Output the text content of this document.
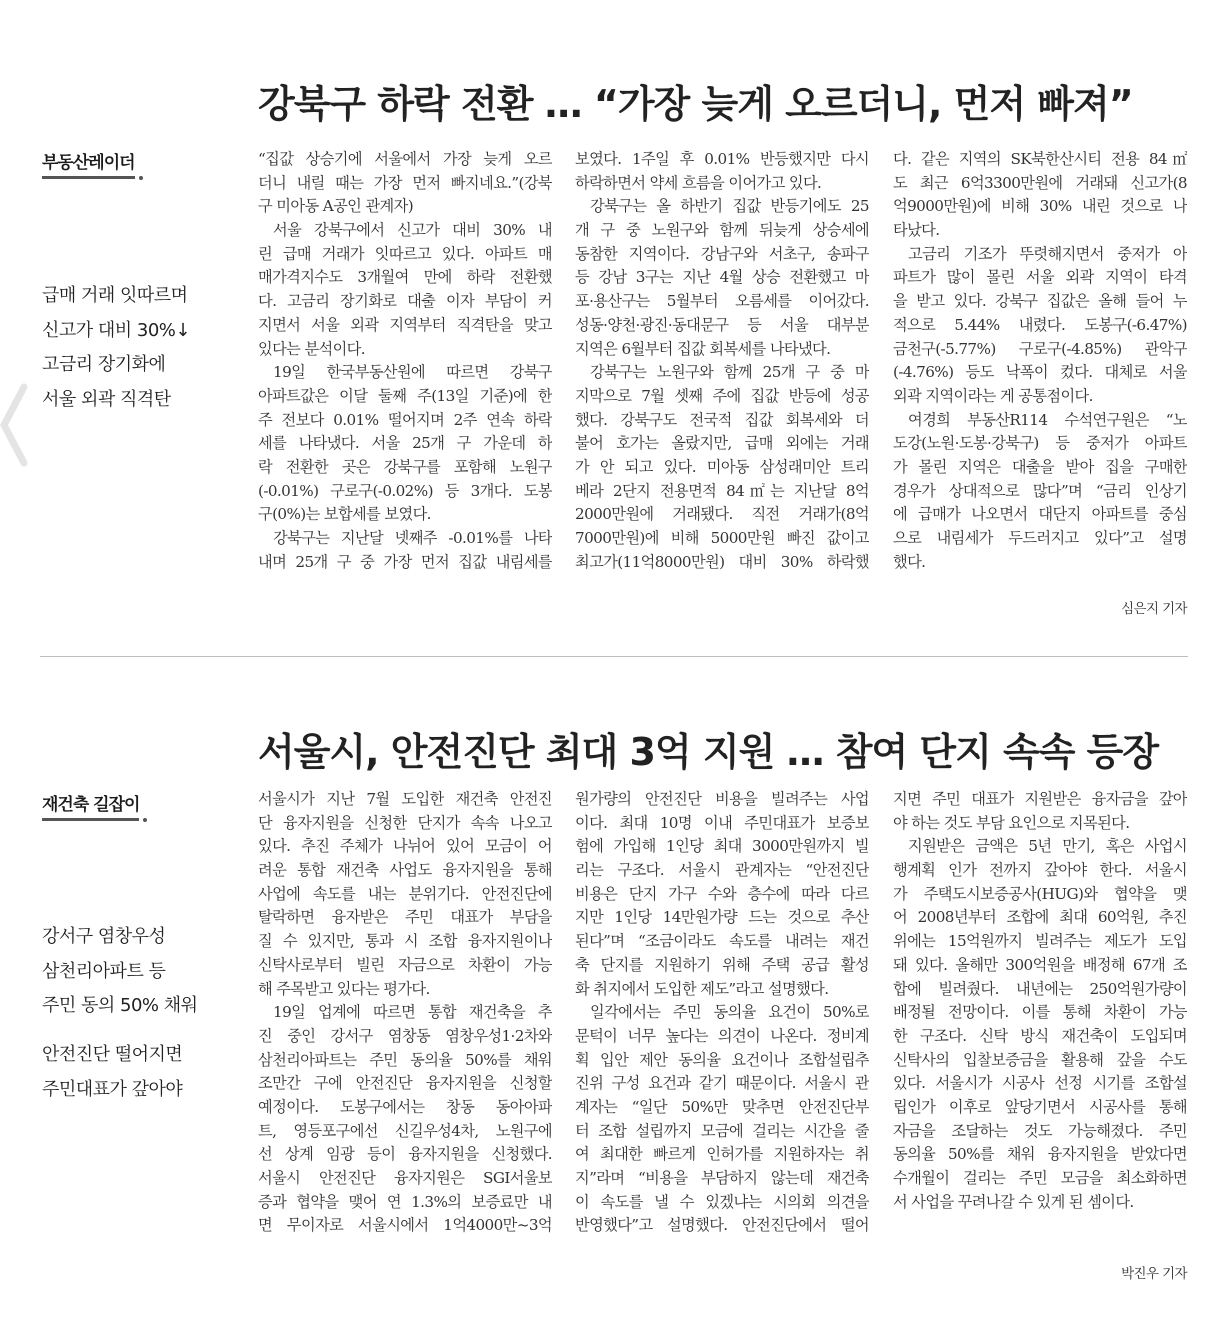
강북구 하락 전환 … “가장 늦게 오르더니, 먼저 빠져”
부동산레이더
급매 거래 잇따르며
신고가 대비 30%↓
고금리 장기화에
서울 외곽 직격탄
“집값 상승기에 서울에서 가장 늦게 오르
더니 내릴 때는 가장 먼저 빠지네요.”(강북
구 미아동 A공인 관계자)
서울 강북구에서 신고가 대비 30% 내
린 급매 거래가 잇따르고 있다. 아파트 매
매가격지수도 3개월여 만에 하락 전환했
다. 고금리 장기화로 대출 이자 부담이 커
지면서 서울 외곽 지역부터 직격탄을 맞고
있다는 분석이다.
19일 한국부동산원에 따르면 강북구
아파트값은 이달 둘째 주(13일 기준)에 한
주 전보다 0.01% 떨어지며 2주 연속 하락
세를 나타냈다. 서울 25개 구 가운데 하
락 전환한 곳은 강북구를 포함해 노원구
(-0.01%) 구로구(-0.02%) 등 3개다. 도봉
구(0%)는 보합세를 보였다.
강북구는 지난달 넷째주 -0.01%를 나타
내며 25개 구 중 가장 먼저 집값 내림세를
보였다. 1주일 후 0.01% 반등했지만 다시
하락하면서 약세 흐름을 이어가고 있다.
강북구는 올 하반기 집값 반등기에도 25
개 구 중 노원구와 함께 뒤늦게 상승세에
동참한 지역이다. 강남구와 서초구, 송파구
등 강남 3구는 지난 4월 상승 전환했고 마
포·용산구는 5월부터 오름세를 이어갔다.
성동·양천·광진·동대문구 등 서울 대부분
지역은 6월부터 집값 회복세를 나타냈다.
강북구는 노원구와 함께 25개 구 중 마
지막으로 7월 셋째 주에 집값 반등에 성공
했다. 강북구도 전국적 집값 회복세와 더
불어 호가는 올랐지만, 급매 외에는 거래
가 안 되고 있다. 미아동 삼성래미안 트리
베라 2단지 전용면적 84㎡는 지난달 8억
2000만원에 거래됐다. 직전 거래가(8억
7000만원)에 비해 5000만원 빠진 값이고
최고가(11억8000만원) 대비 30% 하락했
다. 같은 지역의 SK북한산시티 전용 84㎡
도 최근 6억3300만원에 거래돼 신고가(8
억9000만원)에 비해 30% 내린 것으로 나
타났다.
고금리 기조가 뚜렷해지면서 중저가 아
파트가 많이 몰린 서울 외곽 지역이 타격
을 받고 있다. 강북구 집값은 올해 들어 누
적으로 5.44% 내렸다. 도봉구(-6.47%)
금천구(-5.77%) 구로구(-4.85%) 관악구
(-4.76%) 등도 낙폭이 컸다. 대체로 서울
외곽 지역이라는 게 공통점이다.
여경희 부동산R114 수석연구원은 “노
도강(노원·도봉·강북구) 등 중저가 아파트
가 몰린 지역은 대출을 받아 집을 구매한
경우가 상대적으로 많다”며 “금리 인상기
에 급매가 나오면서 대단지 아파트를 중심
으로 내림세가 두드러지고 있다”고 설명
했다.
심은지 기자
서울시, 안전진단 최대 3억 지원 … 참여 단지 속속 등장
재건축 길잡이
강서구 염창우성
삼천리아파트 등
주민 동의 50% 채워
안전진단 떨어지면
주민대표가 갚아야
서울시가 지난 7월 도입한 재건축 안전진
단 융자지원을 신청한 단지가 속속 나오고
있다. 추진 주체가 나뉘어 있어 모금이 어
려운 통합 재건축 사업도 융자지원을 통해
사업에 속도를 내는 분위기다. 안전진단에
탈락하면 융자받은 주민 대표가 부담을
질 수 있지만, 통과 시 조합 융자지원이나
신탁사로부터 빌린 자금으로 차환이 가능
해 주목받고 있다는 평가다.
19일 업계에 따르면 통합 재건축을 추
진 중인 강서구 염창동 염창우성1·2차와
삼천리아파트는 주민 동의율 50%를 채워
조만간 구에 안전진단 융자지원을 신청할
예정이다. 도봉구에서는 창동 동아아파
트, 영등포구에선 신길우성4차, 노원구에
선 상계 임광 등이 융자지원을 신청했다.
서울시 안전진단 융자지원은 SGI서울보
증과 협약을 맺어 연 1.3%의 보증료만 내
면 무이자로 서울시에서 1억4000만~3억
원가량의 안전진단 비용을 빌려주는 사업
이다. 최대 10명 이내 주민대표가 보증보
험에 가입해 1인당 최대 3000만원까지 빌
리는 구조다. 서울시 관계자는 “안전진단
비용은 단지 가구 수와 층수에 따라 다르
지만 1인당 14만원가량 드는 것으로 추산
된다”며 “조금이라도 속도를 내려는 재건
축 단지를 지원하기 위해 주택 공급 활성
화 취지에서 도입한 제도”라고 설명했다.
일각에서는 주민 동의율 요건이 50%로
문턱이 너무 높다는 의견이 나온다. 정비계
획 입안 제안 동의율 요건이나 조합설립추
진위 구성 요건과 같기 때문이다. 서울시 관
계자는 “일단 50%만 맞추면 안전진단부
터 조합 설립까지 모금에 걸리는 시간을 줄
여 최대한 빠르게 인허가를 지원하자는 취
지”라며 “비용을 부담하지 않는데 재건축
이 속도를 낼 수 있겠냐는 시의회 의견을
반영했다”고 설명했다. 안전진단에서 떨어
지면 주민 대표가 지원받은 융자금을 갚아
야 하는 것도 부담 요인으로 지목된다.
지원받은 금액은 5년 만기, 혹은 사업시
행계획 인가 전까지 갚아야 한다. 서울시
가 주택도시보증공사(HUG)와 협약을 맺
어 2008년부터 조합에 최대 60억원, 추진
위에는 15억원까지 빌려주는 제도가 도입
돼 있다. 올해만 300억원을 배정해 67개 조
합에 빌려줬다. 내년에는 250억원가량이
배정될 전망이다. 이를 통해 차환이 가능
한 구조다. 신탁 방식 재건축이 도입되며
신탁사의 입찰보증금을 활용해 갚을 수도
있다. 서울시가 시공사 선정 시기를 조합설
립인가 이후로 앞당기면서 시공사를 통해
자금을 조달하는 것도 가능해졌다. 주민
동의율 50%를 채워 융자지원을 받았다면
수개월이 걸리는 주민 모금을 최소화하면
서 사업을 꾸려나갈 수 있게 된 셈이다.
박진우 기자
